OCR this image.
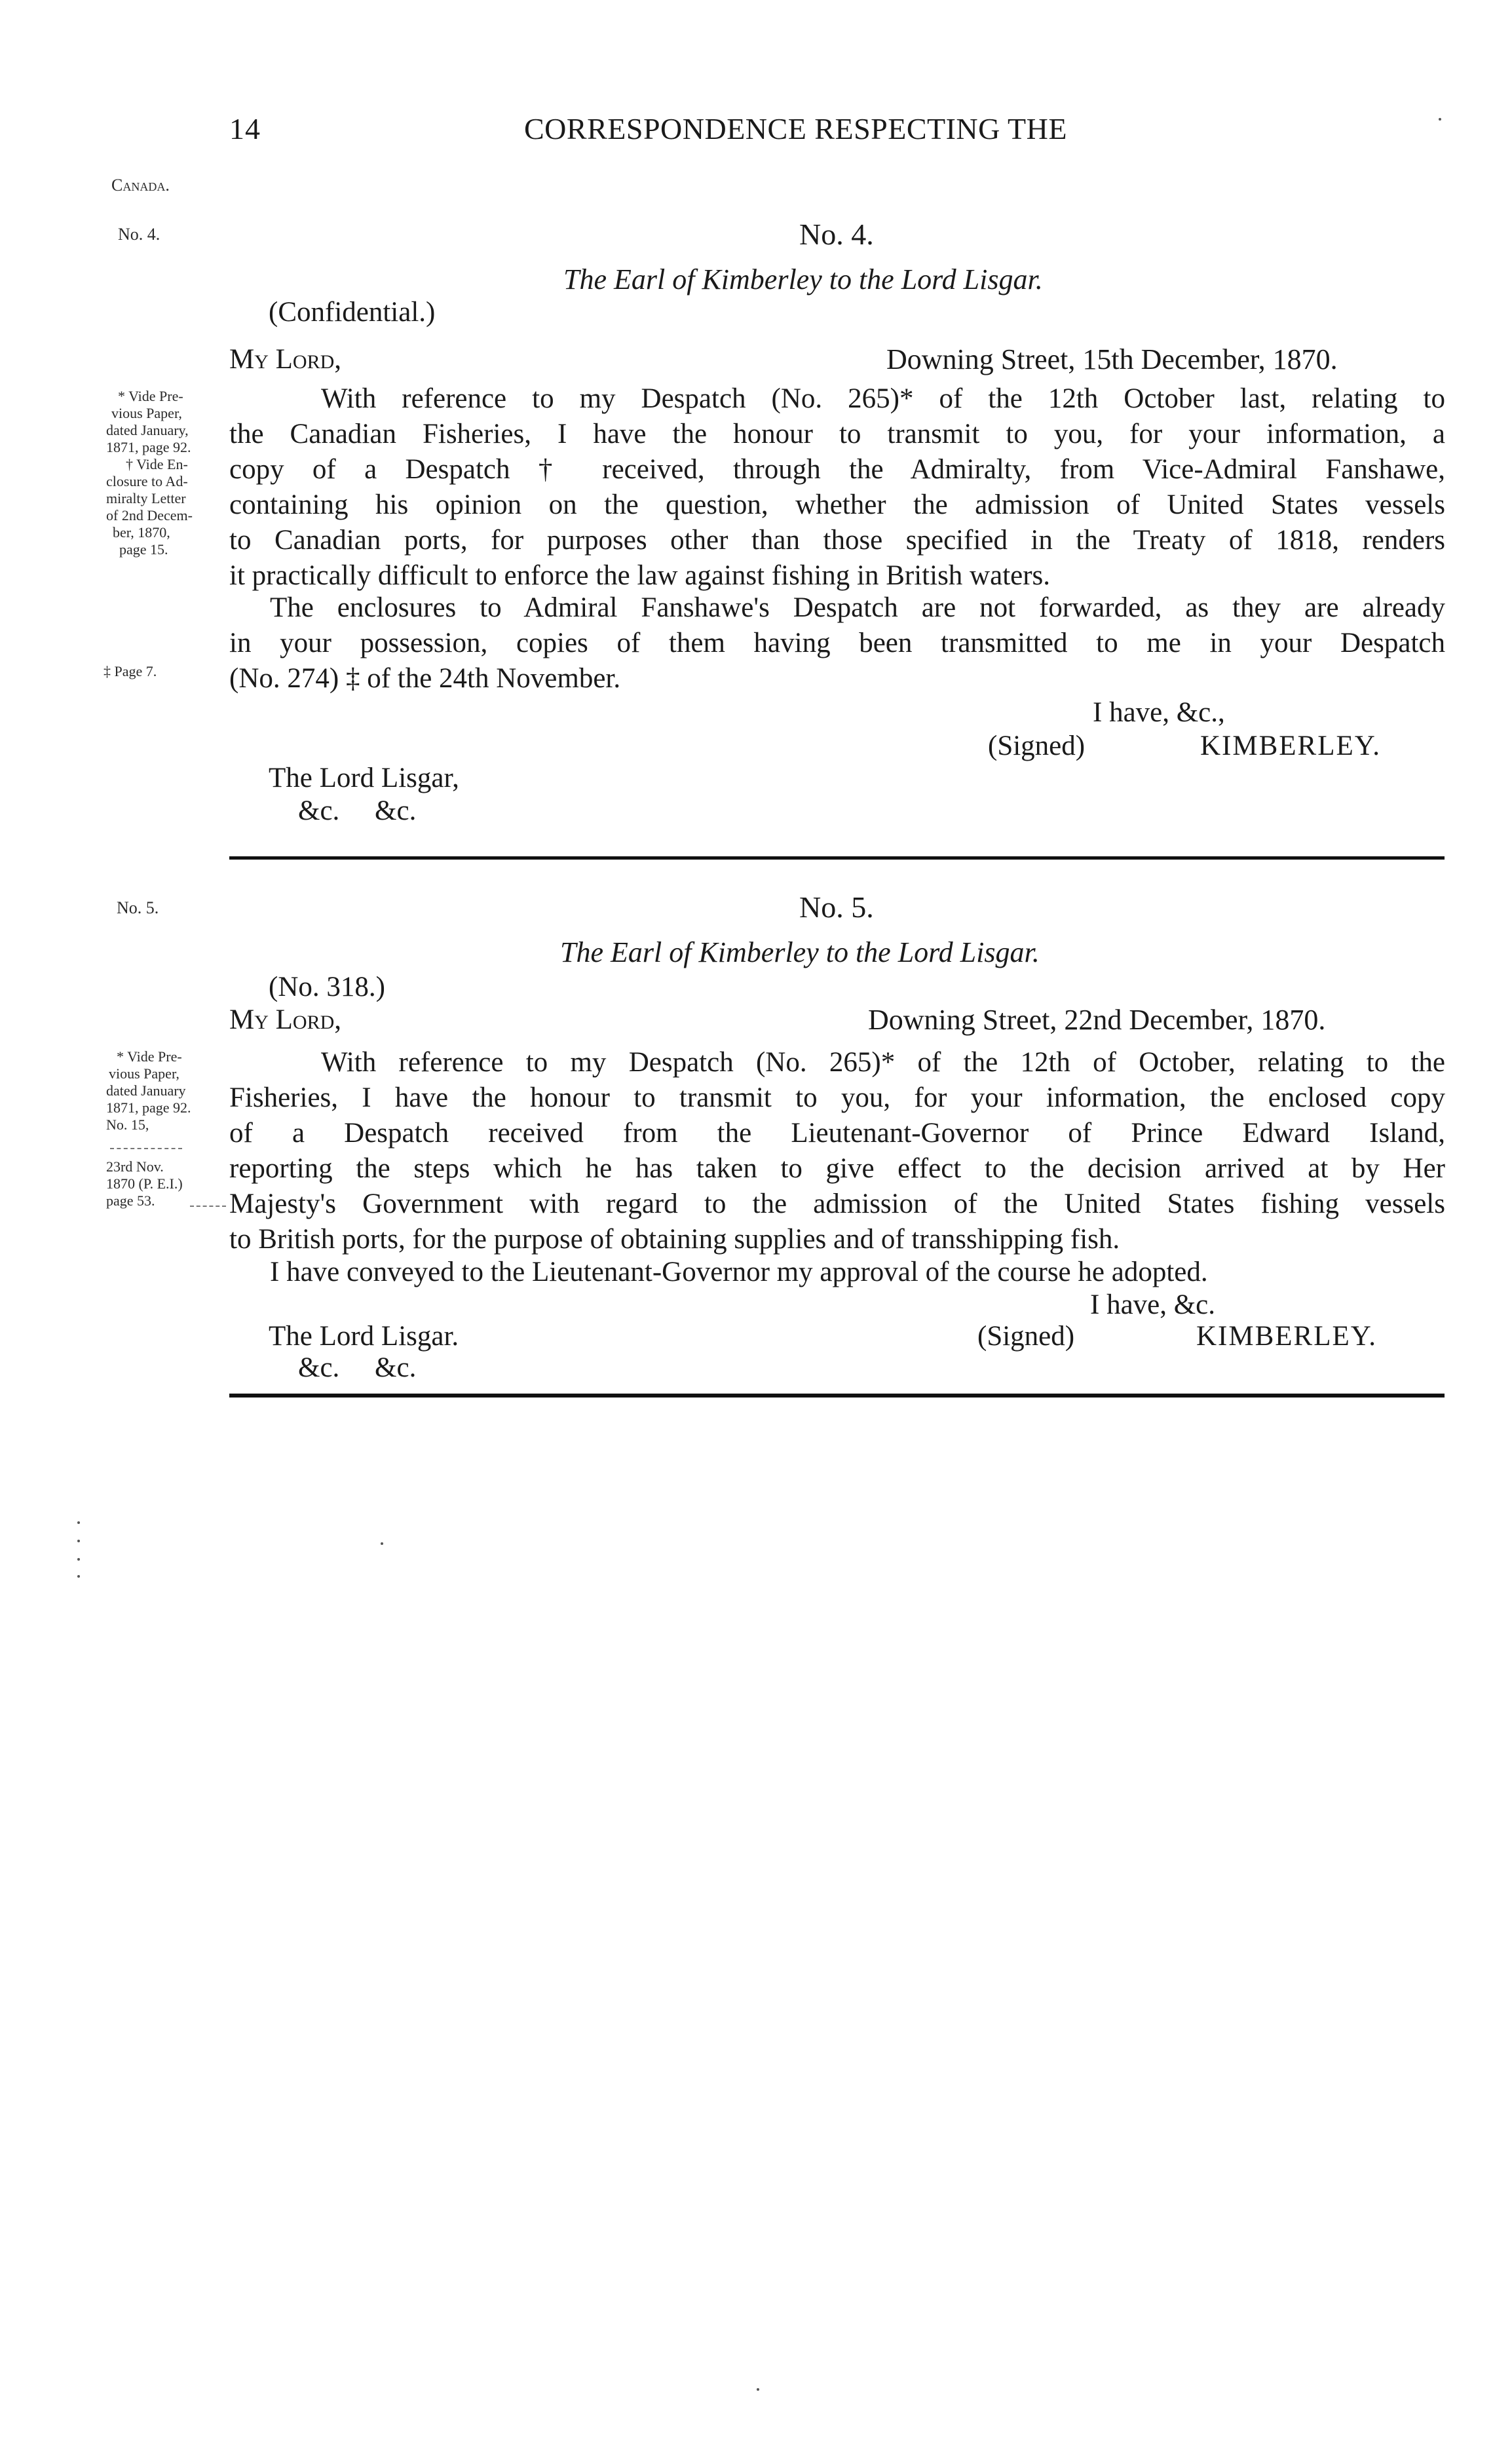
14	CORRESPONDENCE RESPECTING THE
Canada.
No. 4.	No. 4.
The Earl of Kimberley to the Lord Lisgar.
(Confidential.)
My Lord,	Downing Street, 15th December, 1870.
With reference to my Despatch (No. 265)* of the 12th October last, relating to
the Canadian Fisheries, I have the honour to transmit to you, for your information, a
copy of a Despatch † received, through the Admiralty, from Vice-Admiral Fanshawe,
containing his opinion on the question, whether the admission of United States vessels
to Canadian ports, for purposes other than those specified in the Treaty of 1818, renders
it practically difficult to enforce the law against fishing in British waters.
The enclosures to Admiral Fanshawe's Despatch are not forwarded, as they are already
in your possession, copies of them having been transmitted to me in your Despatch
(No. 274) ‡ of the 24th November.
I have, &c.,
(Signed)	KIMBERLEY.
The Lord Lisgar,
&c.     &c.
* Vide Pre-
vious Paper,
dated January,
1871, page 92.
† Vide En-
closure to Ad-
miralty Letter
of 2nd Decem-
ber, 1870,
page 15.
‡ Page 7.
No. 5.	No. 5.
The Earl of Kimberley to the Lord Lisgar.
(No. 318.)
My Lord,	Downing Street, 22nd December, 1870.
With reference to my Despatch (No. 265)* of the 12th of October, relating to the
Fisheries, I have the honour to transmit to you, for your information, the enclosed copy
of a Despatch received from the Lieutenant-Governor of Prince Edward Island,
reporting the steps which he has taken to give effect to the decision arrived at by Her
Majesty's Government with regard to the admission of the United States fishing vessels
to British ports, for the purpose of obtaining supplies and of transshipping fish.
I have conveyed to the Lieutenant-Governor my approval of the course he adopted.
I have, &c.
The Lord Lisgar.	(Signed)	KIMBERLEY.
&c.     &c.
* Vide Pre-
vious Paper,
dated January
1871, page 92.
No. 15,
23rd Nov.
1870 (P. E.I.)
page 53.
